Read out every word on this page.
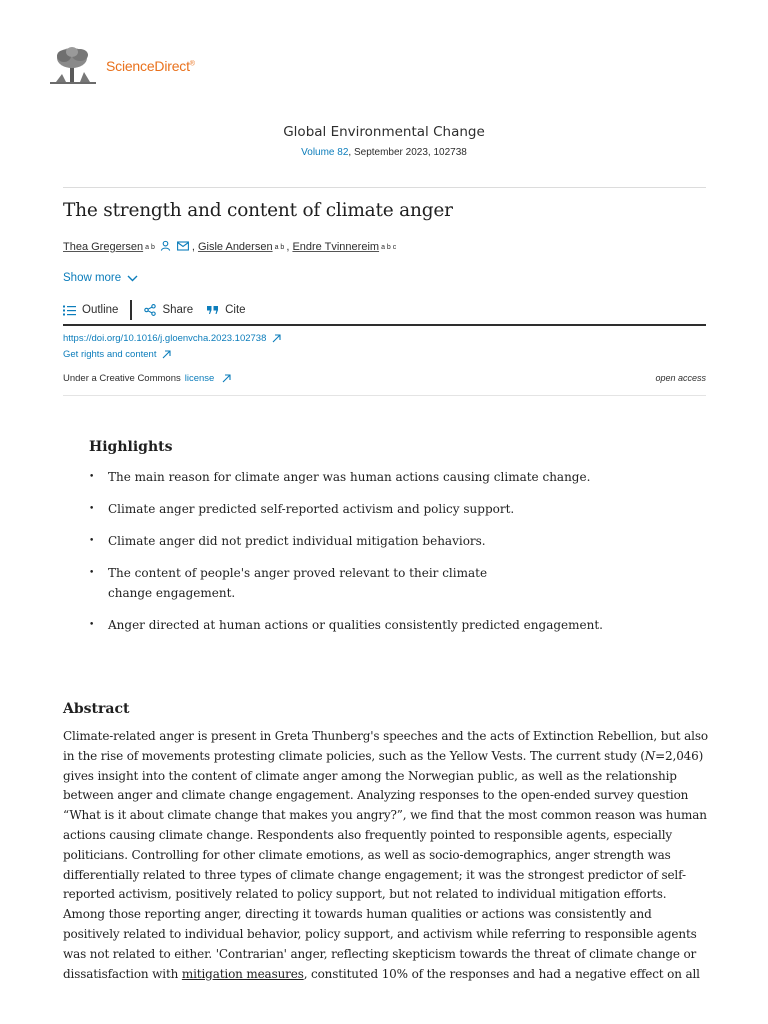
ScienceDirect®
Global Environmental Change
Volume 82, September 2023, 102738
The strength and content of climate anger
Thea Gregersen a b	,
Gisle Andersen a b ,
Endre Tvinnereim a b c
Show more
Outline	Share	Cite
https://doi.org/10.1016/j.gloenvcha.2023.102738
Get rights and content
Under a Creative Commons license	open access
Highlights
• The main reason for climate anger was human actions causing climate change.
• Climate anger predicted self-reported activism and policy support.
• Climate anger did not predict individual mitigation behaviors.
• The content of people's anger proved relevant to their climate change engagement.
• Anger directed at human actions or qualities consistently predicted engagement.
Abstract
Climate-related anger is present in Greta Thunberg's speeches and the acts of Extinction Rebellion, but also
in the rise of movements protesting climate policies, such as the Yellow Vests. The current study (N=2,046)
gives insight into the content of climate anger among the Norwegian public, as well as the relationship
between anger and climate change engagement. Analyzing responses to the open-ended survey question
“What is it about climate change that makes you angry?”, we find that the most common reason was human
actions causing climate change. Respondents also frequently pointed to responsible agents, especially
politicians. Controlling for other climate emotions, as well as socio-demographics, anger strength was
differentially related to three types of climate change engagement; it was the strongest predictor of self-
reported activism, positively related to policy support, but not related to individual mitigation efforts.
Among those reporting anger, directing it towards human qualities or actions was consistently and
positively related to individual behavior, policy support, and activism while referring to responsible agents
was not related to either. 'Contrarian' anger, reflecting skepticism towards the threat of climate change or
dissatisfaction with mitigation measures, constituted 10% of the responses and had a negative effect on all
